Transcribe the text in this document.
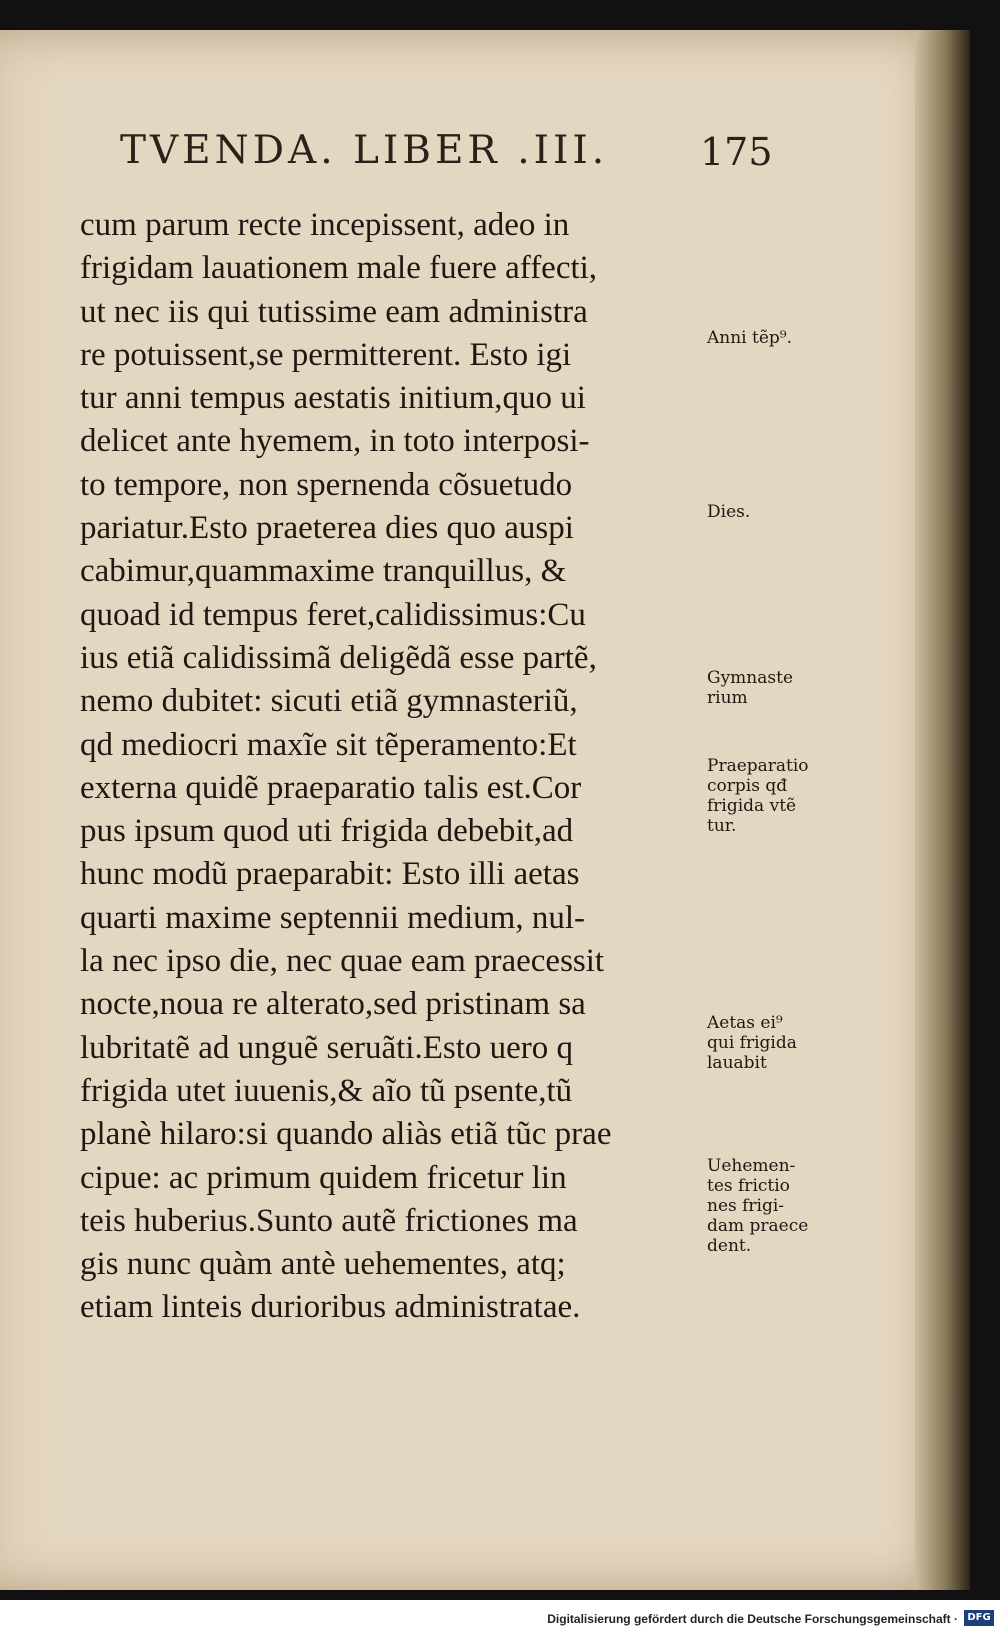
TVENDA. LIBER .III. 175
cum parum recte incepissent, adeo in
frigidam lauationem male fuere affecti,
ut nec iis qui tutissime eam administra
re potuissent,se permitterent. Esto igi
tur anni tempus aestatis initium,quo ui
delicet ante hyemem, in toto interposi-
to tempore, non spernenda cõsuetudo
pariatur.Esto praeterea dies quo auspi
cabimur,quammaxime tranquillus, &
quoad id tempus feret,calidissimus:Cu
ius etiã calidissimã deligẽdã esse partẽ,
nemo dubitet: sicuti etiã gymnasteriũ,
qd mediocri maxĩe sit tẽperamento:Et
externa quidẽ praeparatio talis est.Cor
pus ipsum quod uti frigida debebit,ad
hunc modũ praeparabit: Esto illi aetas
quarti maxime septennii medium, nul-
la nec ipso die, nec quae eam praecessit
nocte,noua re alterato,sed pristinam sa
lubritatẽ ad unguẽ seruãti.Esto uero q
frigida utet iuuenis,& aĩo tũ psente,tũ
planè hilaro:si quando aliàs etiã tũc prae
cipue: ac primum quidem fricetur lin
teis huberius.Sunto autẽ frictiones ma
gis nunc quàm antè uehementes, atq;
etiam linteis durioribus administratae.
Anni tẽp⁹.
Dies.
Gymnaste
rium
Praeparatio
corpis qđ
frigida vtẽ
tur.
Aetas ei⁹
qui frigida
lauabit
Uehemen-
tes frictio
nes frigi-
dam praece
dent.
Digitalisierung gefördert durch die Deutsche Forschungsgemeinschaft · DFG
